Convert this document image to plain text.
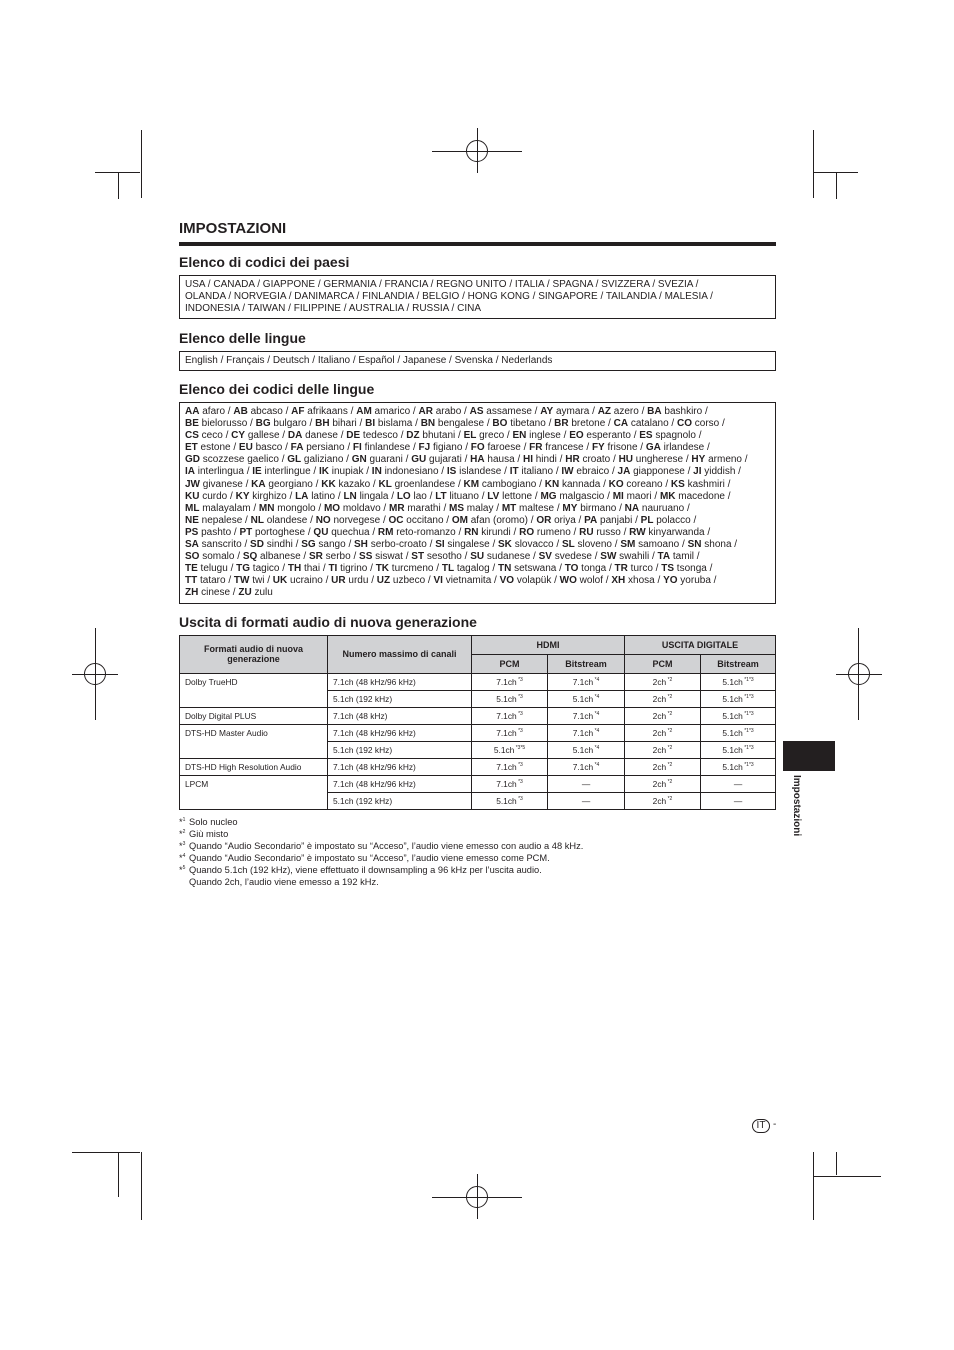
IMPOSTAZIONI
Elenco di codici dei paesi
USA / CANADA / GIAPPONE / GERMANIA / FRANCIA / REGNO UNITO / ITALIA / SPAGNA / SVIZZERA / SVEZIA /
OLANDA / NORVEGIA / DANIMARCA / FINLANDIA / BELGIO / HONG KONG / SINGAPORE / TAILANDIA / MALESIA /
INDONESIA / TAIWAN / FILIPPINE / AUSTRALIA / RUSSIA / CINA
Elenco delle lingue
English / Français / Deutsch / Italiano / Español / Japanese / Svenska / Nederlands
Elenco dei codici delle lingue
AA afaro / AB abcaso / AF afrikaans / AM amarico / AR arabo / AS assamese / AY aymara / AZ azero / BA bashkiro /
BE bielorusso / BG bulgaro / BH bihari / BI bislama / BN bengalese / BO tibetano / BR bretone / CA catalano / CO corso /
CS ceco / CY gallese / DA danese / DE tedesco / DZ bhutani / EL greco / EN inglese / EO esperanto / ES spagnolo /
ET estone / EU basco / FA persiano / FI finlandese / FJ figiano / FO faroese / FR francese / FY frisone / GA irlandese /
GD scozzese gaelico / GL galiziano / GN guarani / GU gujarati / HA hausa / HI hindi / HR croato / HU ungherese / HY armeno /
IA interlingua / IE interlingue / IK inupiak / IN indonesiano / IS islandese / IT italiano / IW ebraico / JA giapponese / JI yiddish /
JW givanese / KA georgiano / KK kazako / KL groenlandese / KM cambogiano / KN kannada / KO coreano / KS kashmiri /
KU curdo / KY kirghizo / LA latino / LN lingala / LO lao / LT lituano / LV lettone / MG malgascio / MI maori / MK macedone /
ML malayalam / MN mongolo / MO moldavo / MR marathi / MS malay / MT maltese / MY birmano / NA nauruano /
NE nepalese / NL olandese / NO norvegese / OC occitano / OM afan (oromo) / OR oriya / PA panjabi / PL polacco /
PS pashto / PT portoghese / QU quechua / RM reto-romanzo / RN kirundi / RO rumeno / RU russo / RW kinyarwanda /
SA sanscrito / SD sindhi / SG sango / SH serbo-croato / SI singalese / SK slovacco / SL sloveno / SM samoano / SN shona /
SO somalo / SQ albanese / SR serbo / SS siswat / ST sesotho / SU sudanese / SV svedese / SW swahili / TA tamil /
TE telugu / TG tagico / TH thai / TI tigrino / TK turcmeno / TL tagalog / TN setswana / TO tonga / TR turco / TS tsonga /
TT tataro / TW twi / UK ucraino / UR urdu / UZ uzbeco / VI vietnamita / VO volapük / WO wolof / XH xhosa / YO yoruba /
ZH cinese / ZU zulu
Uscita di formati audio di nuova generazione
Formati audio di nuova generazione	Numero massimo di canali	HDMI		USCITA DIGITALE	
		PCM	Bitstream	PCM	Bitstream
Dolby TrueHD	7.1ch (48 kHz/96 kHz)	7.1ch $^{*3}$	7.1ch $^{*4}$	2ch $^{*2}$	5.1ch $^{*1*3}$
	5.1ch (192 kHz)	5.1ch $^{*3}$	5.1ch $^{*4}$	2ch $^{*2}$	5.1ch $^{*1*3}$
Dolby Digital PLUS	7.1ch (48 kHz)	7.1ch $^{*3}$	7.1ch $^{*4}$	2ch $^{*2}$	5.1ch $^{*1*3}$
DTS-HD Master Audio	7.1ch (48 kHz/96 kHz)	7.1ch $^{*3}$	7.1ch $^{*4}$	2ch $^{*2}$	5.1ch $^{*1*3}$
	5.1ch (192 kHz)	5.1ch $^{*3*5}$	5.1ch $^{*4}$	2ch $^{*2}$	5.1ch $^{*1*3}$
DTS-HD High Resolution Audio	7.1ch (48 kHz/96 kHz)	7.1ch $^{*3}$	7.1ch $^{*4}$	2ch $^{*2}$	5.1ch $^{*1*3}$
LPCM	7.1ch (48 kHz/96 kHz)	7.1ch $^{*3}$	—	2ch $^{*2}$	—
	5.1ch (192 kHz)	5.1ch $^{*3}$	—	2ch $^{*2}$	—
*$^1$ Solo nucleo
*$^2$ Giù misto
*$^3$ Quando “Audio Secondario” è impostato su “Acceso”, l’audio viene emesso con audio a 48 kHz.
*$^4$ Quando “Audio Secondario” è impostato su “Acceso”, l’audio viene emesso come PCM.
*$^5$ Quando 5.1ch (192 kHz), viene effettuato il downsampling a 96 kHz per l’uscita audio.
Quando 2ch, l’audio viene emesso a 192 kHz.
Impostazioni
IT -
